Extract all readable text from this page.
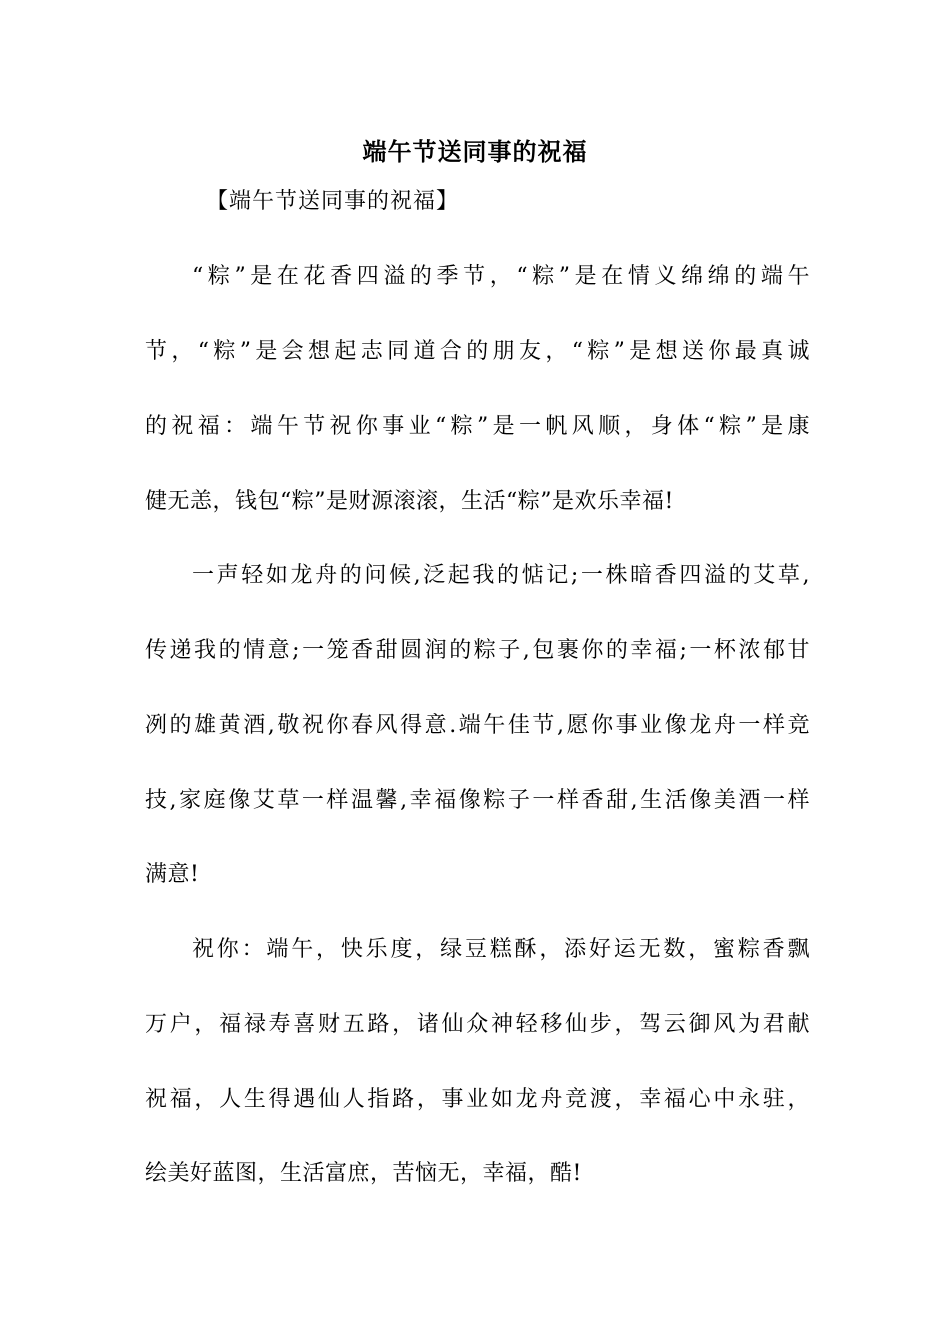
端午节送同事的祝福
【端午节送同事的祝福】
“粽”是在花香四溢的季节，“粽”是在情义绵绵的端午
节，“粽”是会想起志同道合的朋友，“粽”是想送你最真诚
的祝福：端午节祝你事业“粽”是一帆风顺，身体“粽”是康
健无恙，钱包“粽”是财源滚滚，生活“粽”是欢乐幸福!
一声轻如龙舟的问候,泛起我的惦记;一株暗香四溢的艾草,
传递我的情意;一笼香甜圆润的粽子,包裹你的幸福;一杯浓郁甘
冽的雄黄酒,敬祝你春风得意.端午佳节,愿你事业像龙舟一样竞
技,家庭像艾草一样温馨,幸福像粽子一样香甜,生活像美酒一样
满意!
祝你：端午，快乐度，绿豆糕酥，添好运无数，蜜粽香飘
万户，福禄寿喜财五路，诸仙众神轻移仙步，驾云御风为君献
祝福，人生得遇仙人指路，事业如龙舟竞渡，幸福心中永驻，
绘美好蓝图，生活富庶，苦恼无，幸福，酷!
